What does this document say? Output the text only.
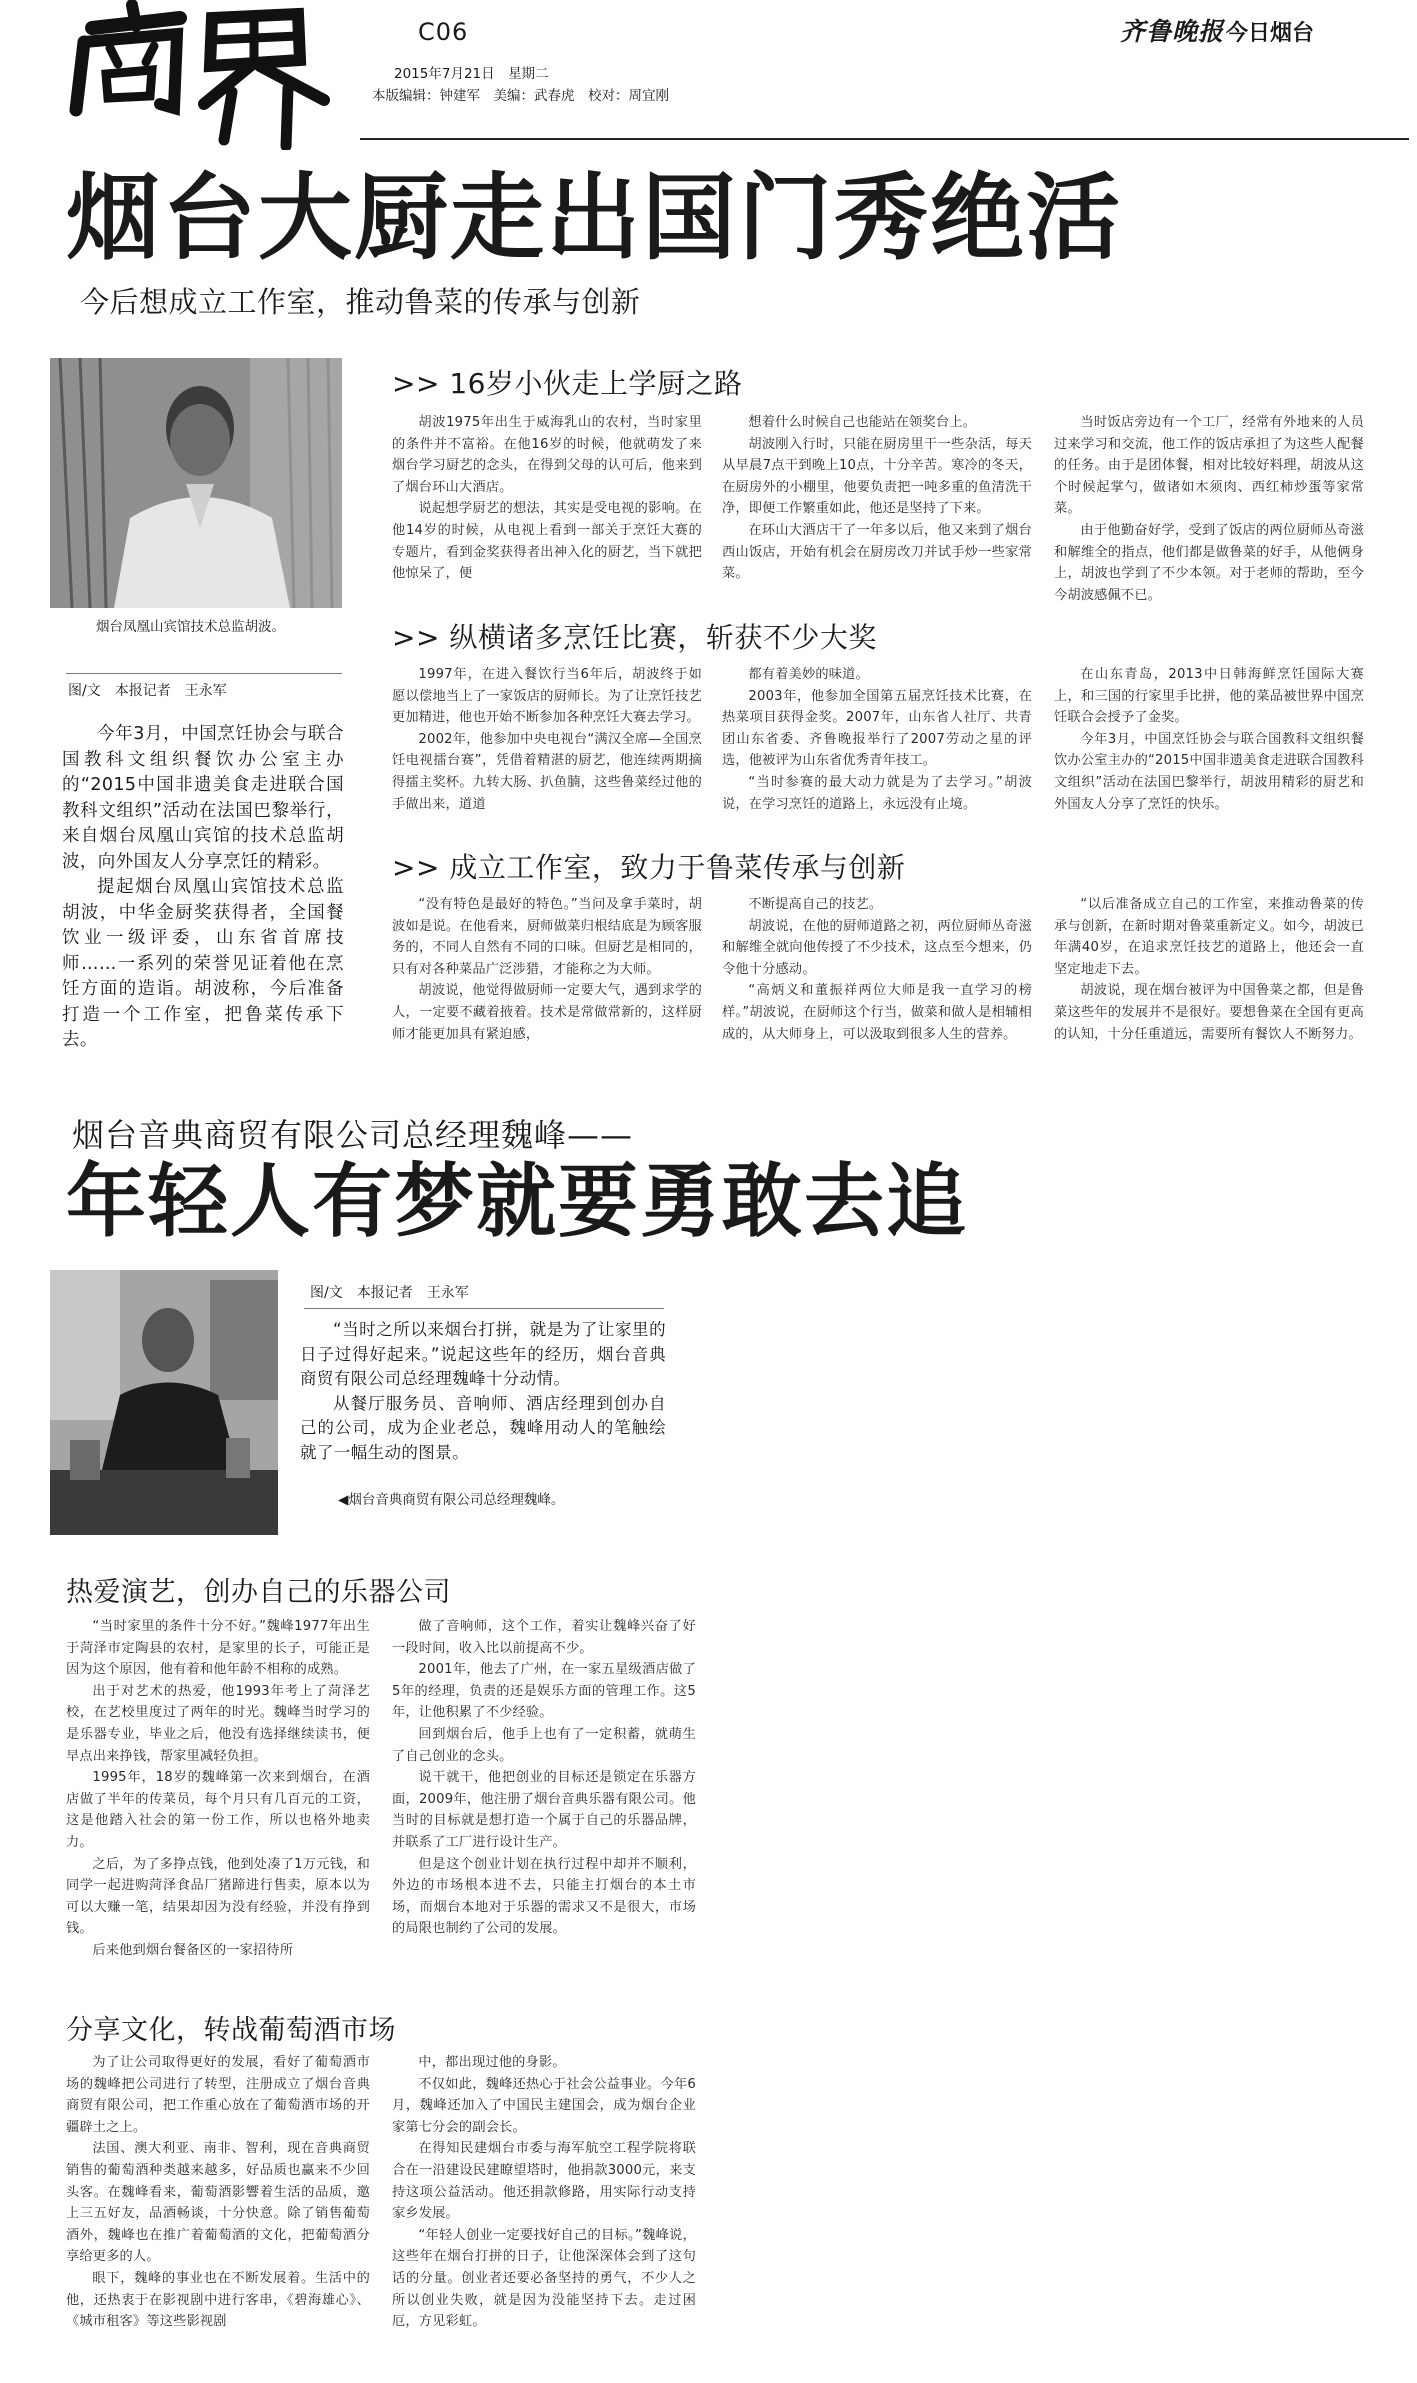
C06
2015年7月21日　星期二
本版编辑：钟建军　美编：武春虎　校对：周宜刚
齐鲁晚报 今日烟台
烟台大厨走出国门秀绝活
今后想成立工作室，推动鲁菜的传承与创新
烟台凤凰山宾馆技术总监胡波。
图/文　本报记者　王永军

今年3月，中国烹饪协会与联合国教科文组织餐饮办公室主办的“2015中国非遗美食走进联合国教科文组织”活动在法国巴黎举行，来自烟台凤凰山宾馆的技术总监胡波，向外国友人分享烹饪的精彩。

提起烟台凤凰山宾馆技术总监胡波，中华金厨奖获得者，全国餐饮业一级评委，山东省首席技师……一系列的荣誉见证着他在烹饪方面的造诣。胡波称，今后准备打造一个工作室，把鲁菜传承下去。

>> 16岁小伙走上学厨之路

胡波1975年出生于威海乳山的农村，当时家里的条件并不富裕。在他16岁的时候，他就萌发了来烟台学习厨艺的念头，在得到父母的认可后，他来到了烟台环山大酒店。

说起想学厨艺的想法，其实是受电视的影响。在他14岁的时候，从电视上看到一部关于烹饪大赛的专题片，看到金奖获得者出神入化的厨艺，当下就把他惊呆了，便

想着什么时候自己也能站在领奖台上。

胡波刚入行时，只能在厨房里干一些杂活，每天从早晨7点干到晚上10点，十分辛苦。寒冷的冬天，在厨房外的小棚里，他要负责把一吨多重的鱼清洗干净，即便工作繁重如此，他还是坚持了下来。

在环山大酒店干了一年多以后，他又来到了烟台西山饭店，开始有机会在厨房改刀并试手炒一些家常菜。

当时饭店旁边有一个工厂，经常有外地来的人员过来学习和交流，他工作的饭店承担了为这些人配餐的任务。由于是团体餐，相对比较好料理，胡波从这个时候起掌勺，做诸如木须肉、西红柿炒蛋等家常菜。

由于他勤奋好学，受到了饭店的两位厨师丛奇滋和解维全的指点，他们都是做鲁菜的好手，从他俩身上，胡波也学到了不少本领。对于老师的帮助，至今今胡波感佩不已。

>> 纵横诸多烹饪比赛，斩获不少大奖

1997年，在进入餐饮行当6年后，胡波终于如愿以偿地当上了一家饭店的厨师长。为了让烹饪技艺更加精进，他也开始不断参加各种烹饪大赛去学习。

2002年，他参加中央电视台“满汉全席—全国烹饪电视擂台赛”，凭借着精湛的厨艺，他连续两期摘得擂主奖杯。九转大肠、扒鱼腩，这些鲁菜经过他的手做出来，道道

都有着美妙的味道。

2003年，他参加全国第五届烹饪技术比赛，在热菜项目获得金奖。2007年，山东省人社厅、共青团山东省委、齐鲁晚报举行了2007劳动之星的评选，他被评为山东省优秀青年技工。

“当时参赛的最大动力就是为了去学习。”胡波说，在学习烹饪的道路上，永远没有止境。

在山东青岛，2013中日韩海鲜烹饪国际大赛上，和三国的行家里手比拼，他的菜品被世界中国烹饪联合会授予了金奖。

今年3月，中国烹饪协会与联合国教科文组织餐饮办公室主办的“2015中国非遗美食走进联合国教科文组织”活动在法国巴黎举行，胡波用精彩的厨艺和外国友人分享了烹饪的快乐。

>> 成立工作室，致力于鲁菜传承与创新

“没有特色是最好的特色。”当问及拿手菜时，胡波如是说。在他看来，厨师做菜归根结底是为顾客服务的，不同人自然有不同的口味。但厨艺是相同的，只有对各种菜品广泛涉猎，才能称之为大师。

胡波说，他觉得做厨师一定要大气，遇到求学的人，一定要不藏着掖着。技术是常做常新的，这样厨师才能更加具有紧迫感，

不断提高自己的技艺。

胡波说，在他的厨师道路之初，两位厨师丛奇滋和解维全就向他传授了不少技术，这点至今想来，仍令他十分感动。

“高炳义和董振祥两位大师是我一直学习的榜样。”胡波说，在厨师这个行当，做菜和做人是相辅相成的，从大师身上，可以汲取到很多人生的营养。

“以后准备成立自己的工作室，来推动鲁菜的传承与创新，在新时期对鲁菜重新定义。如今，胡波已年满40岁，在追求烹饪技艺的道路上，他还会一直坚定地走下去。

胡波说，现在烟台被评为中国鲁菜之都，但是鲁菜这些年的发展并不是很好。要想鲁菜在全国有更高的认知，十分任重道远，需要所有餐饮人不断努力。

烟台音典商贸有限公司总经理魏峰——
年轻人有梦就要勇敢去追
图/文　本报记者　王永军

“当时之所以来烟台打拼，就是为了让家里的日子过得好起来。”说起这些年的经历，烟台音典商贸有限公司总经理魏峰十分动情。

从餐厅服务员、音响师、酒店经理到创办自己的公司，成为企业老总，魏峰用动人的笔触绘就了一幅生动的图景。

◀烟台音典商贸有限公司总经理魏峰。
热爱演艺，创办自己的乐器公司

“当时家里的条件十分不好。”魏峰1977年出生于菏泽市定陶县的农村，是家里的长子，可能正是因为这个原因，他有着和他年龄不相称的成熟。

出于对艺术的热爱，他1993年考上了菏泽艺校，在艺校里度过了两年的时光。魏峰当时学习的是乐器专业，毕业之后，他没有选择继续读书，便早点出来挣钱，帮家里减轻负担。

1995年，18岁的魏峰第一次来到烟台，在酒店做了半年的传菜员，每个月只有几百元的工资，这是他踏入社会的第一份工作，所以也格外地卖力。

之后，为了多挣点钱，他到处凑了1万元钱，和同学一起进购菏泽食品厂猪蹄进行售卖，原本以为可以大赚一笔，结果却因为没有经验，并没有挣到钱。

后来他到烟台餐备区的一家招待所

做了音响师，这个工作，着实让魏峰兴奋了好一段时间，收入比以前提高不少。

2001年，他去了广州，在一家五星级酒店做了5年的经理，负责的还是娱乐方面的管理工作。这5年，让他积累了不少经验。

回到烟台后，他手上也有了一定积蓄，就萌生了自己创业的念头。

说干就干，他把创业的目标还是锁定在乐器方面，2009年，他注册了烟台音典乐器有限公司。他当时的目标就是想打造一个属于自己的乐器品牌，并联系了工厂进行设计生产。

但是这个创业计划在执行过程中却并不顺利，外边的市场根本进不去，只能主打烟台的本土市场，而烟台本地对于乐器的需求又不是很大，市场的局限也制约了公司的发展。

分享文化，转战葡萄酒市场

为了让公司取得更好的发展，看好了葡萄酒市场的魏峰把公司进行了转型，注册成立了烟台音典商贸有限公司，把工作重心放在了葡萄酒市场的开疆辟土之上。

法国、澳大利亚、南非、智利，现在音典商贸销售的葡萄酒种类越来越多，好品质也赢来不少回头客。在魏峰看来，葡萄酒影響着生活的品质，邀上三五好友，品酒畅谈，十分快意。除了销售葡萄酒外，魏峰也在推广着葡萄酒的文化，把葡萄酒分享给更多的人。

眼下，魏峰的事业也在不断发展着。生活中的他，还热衷于在影视剧中进行客串，《碧海雄心》、《城市租客》等这些影视剧

中，都出现过他的身影。

不仅如此，魏峰还热心于社会公益事业。今年6月，魏峰还加入了中国民主建国会，成为烟台企业家第七分会的副会长。

在得知民建烟台市委与海军航空工程学院将联合在一沿建设民建瞭望塔时，他捐款3000元，来支持这项公益活动。他还捐款修路，用实际行动支持家乡发展。

“年轻人创业一定要找好自己的目标。”魏峰说，这些年在烟台打拼的日子，让他深深体会到了这句话的分量。创业者还要必备坚持的勇气，不少人之所以创业失败，就是因为没能坚持下去。走过困厄，方见彩虹。
